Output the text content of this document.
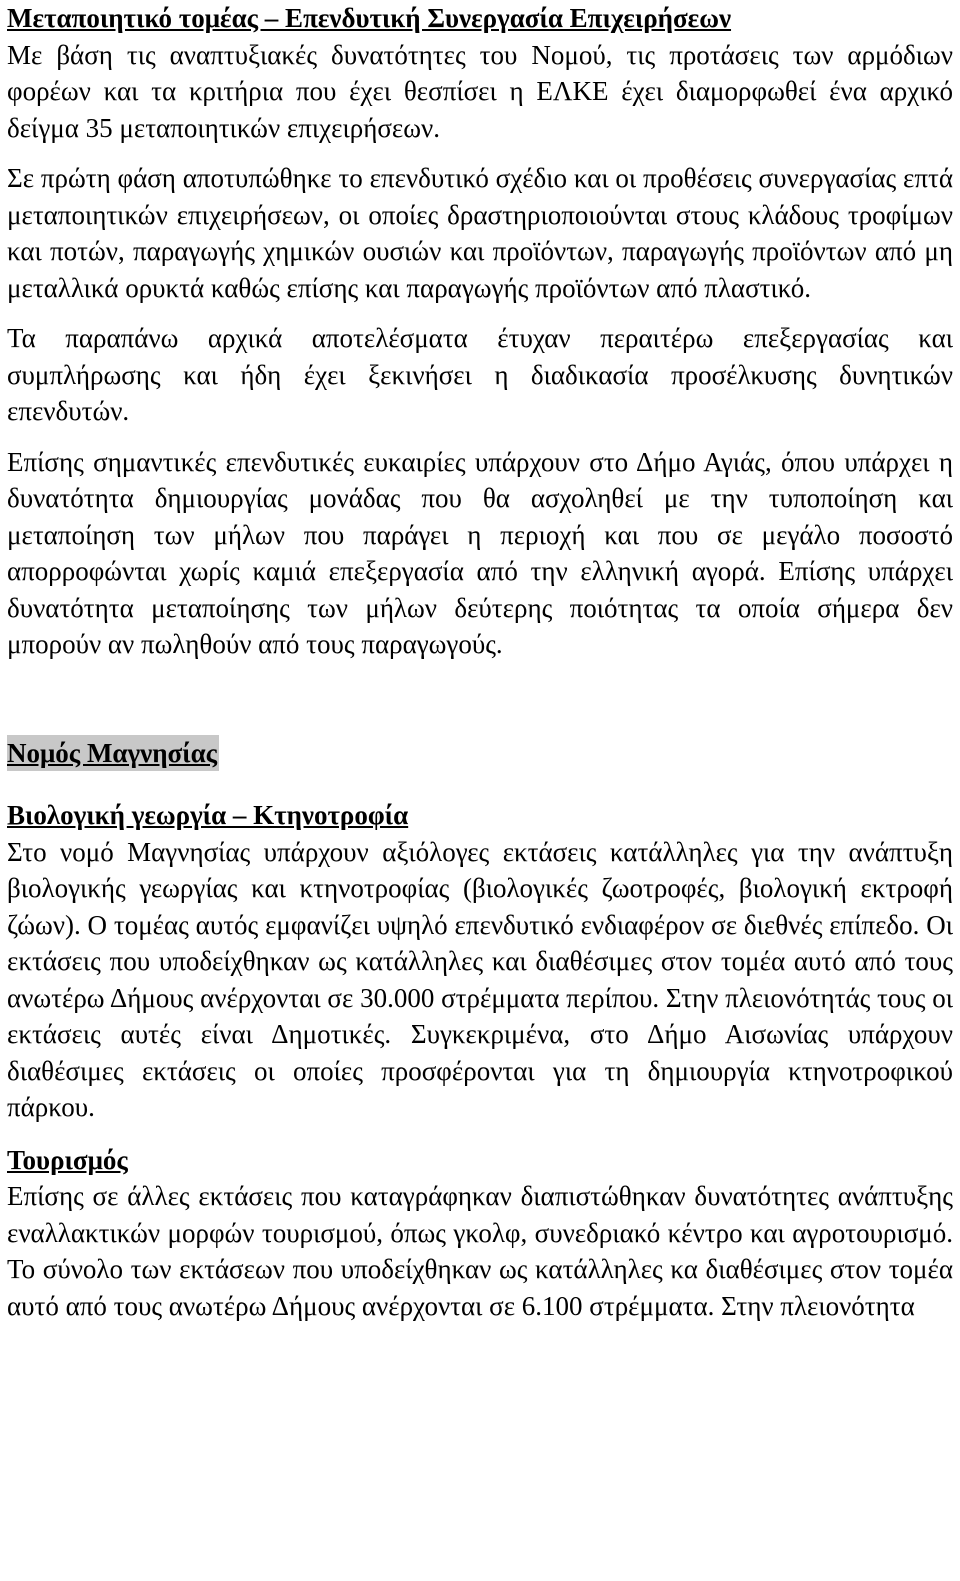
Μεταποιητικό τομέας – Επενδυτική Συνεργασία Επιχειρήσεων

Με βάση τις αναπτυξιακές δυνατότητες του Νομού, τις προτάσεις των αρμόδιων φορέων και τα κριτήρια που έχει θεσπίσει η ΕΛΚΕ έχει διαμορφωθεί ένα αρχικό δείγμα 35 μεταποιητικών επιχειρήσεων.

Σε πρώτη φάση αποτυπώθηκε το επενδυτικό σχέδιο και οι προθέσεις συνεργασίας επτά μεταποιητικών επιχειρήσεων, οι οποίες δραστηριοποιούνται στους κλάδους τροφίμων και ποτών, παραγωγής χημικών ουσιών και προϊόντων, παραγωγής προϊόντων από μη μεταλλικά ορυκτά καθώς επίσης και παραγωγής προϊόντων από πλαστικό.

Τα παραπάνω αρχικά αποτελέσματα έτυχαν περαιτέρω επεξεργασίας και συμπλήρωσης και ήδη έχει ξεκινήσει η διαδικασία προσέλκυσης δυνητικών επενδυτών.

Επίσης σημαντικές επενδυτικές ευκαιρίες υπάρχουν στο Δήμο Αγιάς, όπου υπάρχει η δυνατότητα δημιουργίας μονάδας που θα ασχοληθεί με την τυποποίηση και μεταποίηση των μήλων που παράγει η περιοχή και που σε μεγάλο ποσοστό απορροφώνται χωρίς καμιά επεξεργασία από την ελληνική αγορά. Επίσης υπάρχει δυνατότητα μεταποίησης των μήλων δεύτερης ποιότητας τα οποία σήμερα δεν μπορούν αν πωληθούν από τους παραγωγούς.

Νομός Μαγνησίας

Βιολογική γεωργία – Κτηνοτροφία

Στο νομό Μαγνησίας υπάρχουν αξιόλογες εκτάσεις κατάλληλες για την ανάπτυξη βιολογικής γεωργίας και κτηνοτροφίας (βιολογικές ζωοτροφές, βιολογική εκτροφή ζώων). Ο τομέας αυτός εμφανίζει υψηλό επενδυτικό ενδιαφέρον σε διεθνές επίπεδο. Οι εκτάσεις που υποδείχθηκαν ως κατάλληλες και διαθέσιμες στον τομέα αυτό από τους ανωτέρω Δήμους ανέρχονται σε 30.000 στρέμματα περίπου. Στην πλειονότητάς τους οι εκτάσεις αυτές είναι Δημοτικές. Συγκεκριμένα, στο Δήμο Αισωνίας υπάρχουν διαθέσιμες εκτάσεις οι οποίες προσφέρονται για τη δημιουργία κτηνοτροφικού πάρκου.

Τουρισμός

Επίσης σε άλλες εκτάσεις που καταγράφηκαν διαπιστώθηκαν δυνατότητες ανάπτυξης εναλλακτικών μορφών τουρισμού, όπως γκολφ, συνεδριακό κέντρο και αγροτουρισμό. Το σύνολο των εκτάσεων που υποδείχθηκαν ως κατάλληλες κα διαθέσιμες στον τομέα αυτό από τους ανωτέρω Δήμους ανέρχονται σε 6.100 στρέμματα. Στην πλειονότητα
